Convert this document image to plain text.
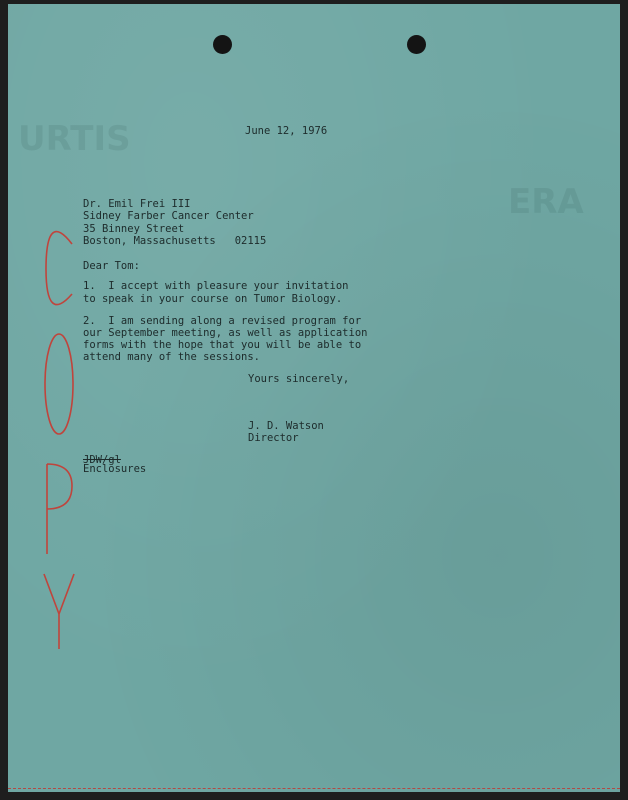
URTIS
ERA
June 12, 1976
Dr. Emil Frei III
Sidney Farber Cancer Center
35 Binney Street
Boston, Massachusetts   02115
Dear Tom:
1.  I accept with pleasure your invitation
to speak in your course on Tumor Biology.
2.  I am sending along a revised program for
our September meeting, as well as application
forms with the hope that you will be able to
attend many of the sessions.
Yours sincerely,
J. D. Watson
Director
JDW/gl
Enclosures
